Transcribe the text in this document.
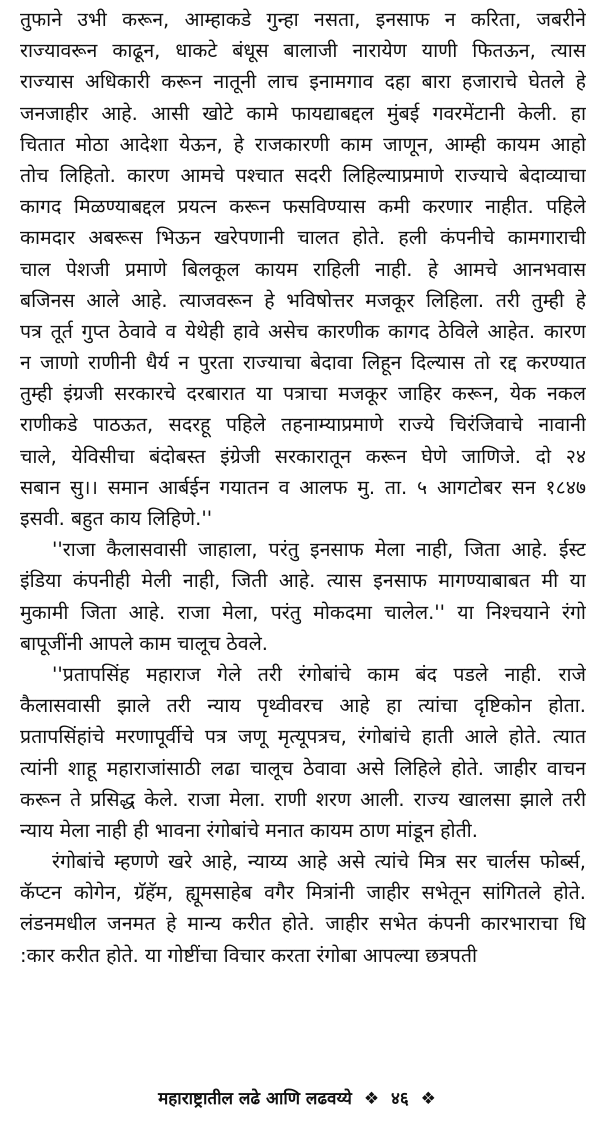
तुफाने उभी करून, आम्हाकडे गुन्हा नसता, इनसाफ न करिता, जबरीने
राज्यावरून काढून, धाकटे बंधूस बालाजी नारायेण याणी फितऊन, त्यास
राज्यास अधिकारी करून नातूनी लाच इनामगाव दहा बारा हजाराचे घेतले हे
जनजाहीर आहे. आसी खोटे कामे फायद्याबद्दल मुंबई गवरमेंटानी केली. हा
चितात मोठा आदेशा येऊन, हे राजकारणी काम जाणून, आम्ही कायम आहो
तोच लिहितो. कारण आमचे पश्चात सदरी लिहिल्याप्रमाणे राज्याचे बेदाव्याचा
कागद मिळण्याबद्दल प्रयत्न करून फसविण्यास कमी करणार नाहीत. पहिले
कामदार अबरूस भिऊन खरेपणानी चालत होते. हली कंपनीचे कामगाराची
चाल पेशजी प्रमाणे बिलकूल कायम राहिली नाही. हे आमचे आनभवास
बजिनस आले आहे. त्याजवरून हे भविषोत्तर मजकूर लिहिला. तरी तुम्ही हे
पत्र तूर्त गुप्त ठेवावे व येथेही हावे असेच कारणीक कागद ठेविले आहेत. कारण
न जाणो राणीनी धैर्य न पुरता राज्याचा बेदावा लिहून दिल्यास तो रद्द करण्यात
तुम्ही इंग्रजी सरकारचे दरबारात या पत्राचा मजकूर जाहिर करून, येक नकल
राणीकडे पाठऊत, सदरहू पहिले तहनाम्याप्रमाणे राज्ये चिरंजिवाचे नावानी
चाले, येविसीचा बंदोबस्त इंग्रेजी सरकारातून करून घेणे जाणिजे. दो २४
सबान सु।। समान आर्बईन गयातन व आलफ मु. ता. ५ आगटोबर सन १८४७
इसवी. बहुत काय लिहिणे.''
''राजा कैलासवासी जाहाला, परंतु इनसाफ मेला नाही, जिता आहे. ईस्ट
इंडिया कंपनीही मेली नाही, जिती आहे. त्यास इनसाफ मागण्याबाबत मी या
मुकामी जिता आहे. राजा मेला, परंतु मोकदमा चालेल.'' या निश्चयाने रंगो
बापूजींनी आपले काम चालूच ठेवले.
''प्रतापसिंह महाराज गेले तरी रंगोबांचे काम बंद पडले नाही. राजे
कैलासवासी झाले तरी न्याय पृथ्वीवरच आहे हा त्यांचा दृष्टिकोन होता.
प्रतापसिंहांचे मरणापूर्वीचे पत्र जणू मृत्यूपत्रच, रंगोबांचे हाती आले होते. त्यात
त्यांनी शाहू महाराजांसाठी लढा चालूच ठेवावा असे लिहिले होते. जाहीर वाचन
करून ते प्रसिद्ध केले. राजा मेला. राणी शरण आली. राज्य खालसा झाले तरी
न्याय मेला नाही ही भावना रंगोबांचे मनात कायम ठाण मांडून होती.
रंगोबांचे म्हणणे खरे आहे, न्याय्य आहे असे त्यांचे मित्र सर चार्लस फोर्ब्स,
कॅप्टन कोगेन, ग्रॅहॅम, ह्यूमसाहेब वगैर मित्रांनी जाहीर सभेतून सांगितले होते.
लंडनमधील जनमत हे मान्य करीत होते. जाहीर सभेत कंपनी कारभाराचा धि
:कार करीत होते. या गोष्टींचा विचार करता रंगोबा आपल्या छत्रपती
महाराष्ट्रातील लढे आणि लढवय्ये ❖ ४६ ❖
